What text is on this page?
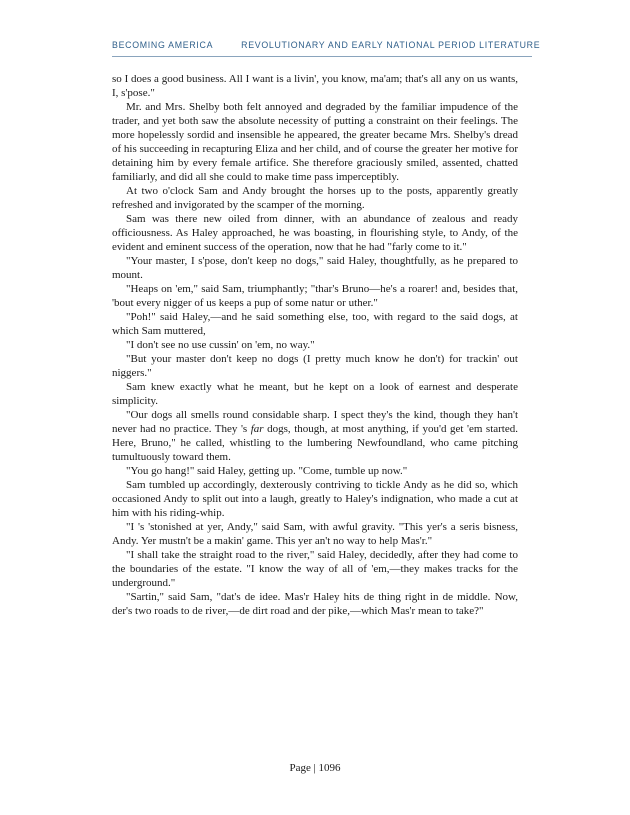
BECOMING AMERICA	REVOLUTIONARY AND EARLY NATIONAL PERIOD LITERATURE

so I does a good business. All I want is a livin', you know, ma'am; that's all any on us wants, I, s'pose."

Mr. and Mrs. Shelby both felt annoyed and degraded by the familiar impudence of the trader, and yet both saw the absolute necessity of putting a constraint on their feelings. The more hopelessly sordid and insensible he appeared, the greater became Mrs. Shelby's dread of his succeeding in recapturing Eliza and her child, and of course the greater her motive for detaining him by every female artifice. She therefore graciously smiled, assented, chatted familiarly, and did all she could to make time pass imperceptibly.

At two o'clock Sam and Andy brought the horses up to the posts, apparently greatly refreshed and invigorated by the scamper of the morning.

Sam was there new oiled from dinner, with an abundance of zealous and ready officiousness. As Haley approached, he was boasting, in flourishing style, to Andy, of the evident and eminent success of the operation, now that he had "farly come to it."

"Your master, I s'pose, don't keep no dogs," said Haley, thoughtfully, as he prepared to mount.

"Heaps on 'em," said Sam, triumphantly; "thar's Bruno—he's a roarer! and, besides that, 'bout every nigger of us keeps a pup of some natur or uther."

"Poh!" said Haley,—and he said something else, too, with regard to the said dogs, at which Sam muttered,

"I don't see no use cussin' on 'em, no way."

"But your master don't keep no dogs (I pretty much know he don't) for trackin' out niggers."

Sam knew exactly what he meant, but he kept on a look of earnest and desperate simplicity.

"Our dogs all smells round considable sharp. I spect they's the kind, though they han't never had no practice. They 's far dogs, though, at most anything, if you'd get 'em started. Here, Bruno," he called, whistling to the lumbering Newfoundland, who came pitching tumultuously toward them.

"You go hang!" said Haley, getting up. "Come, tumble up now."

Sam tumbled up accordingly, dexterously contriving to tickle Andy as he did so, which occasioned Andy to split out into a laugh, greatly to Haley's indignation, who made a cut at him with his riding-whip.

"I 's 'stonished at yer, Andy," said Sam, with awful gravity. "This yer's a seris bisness, Andy. Yer mustn't be a makin' game. This yer an't no way to help Mas'r."

"I shall take the straight road to the river," said Haley, decidedly, after they had come to the boundaries of the estate. "I know the way of all of 'em,—they makes tracks for the underground."

"Sartin," said Sam, "dat's de idee. Mas'r Haley hits de thing right in de middle. Now, der's two roads to de river,—de dirt road and der pike,—which Mas'r mean to take?"

Page | 1096
